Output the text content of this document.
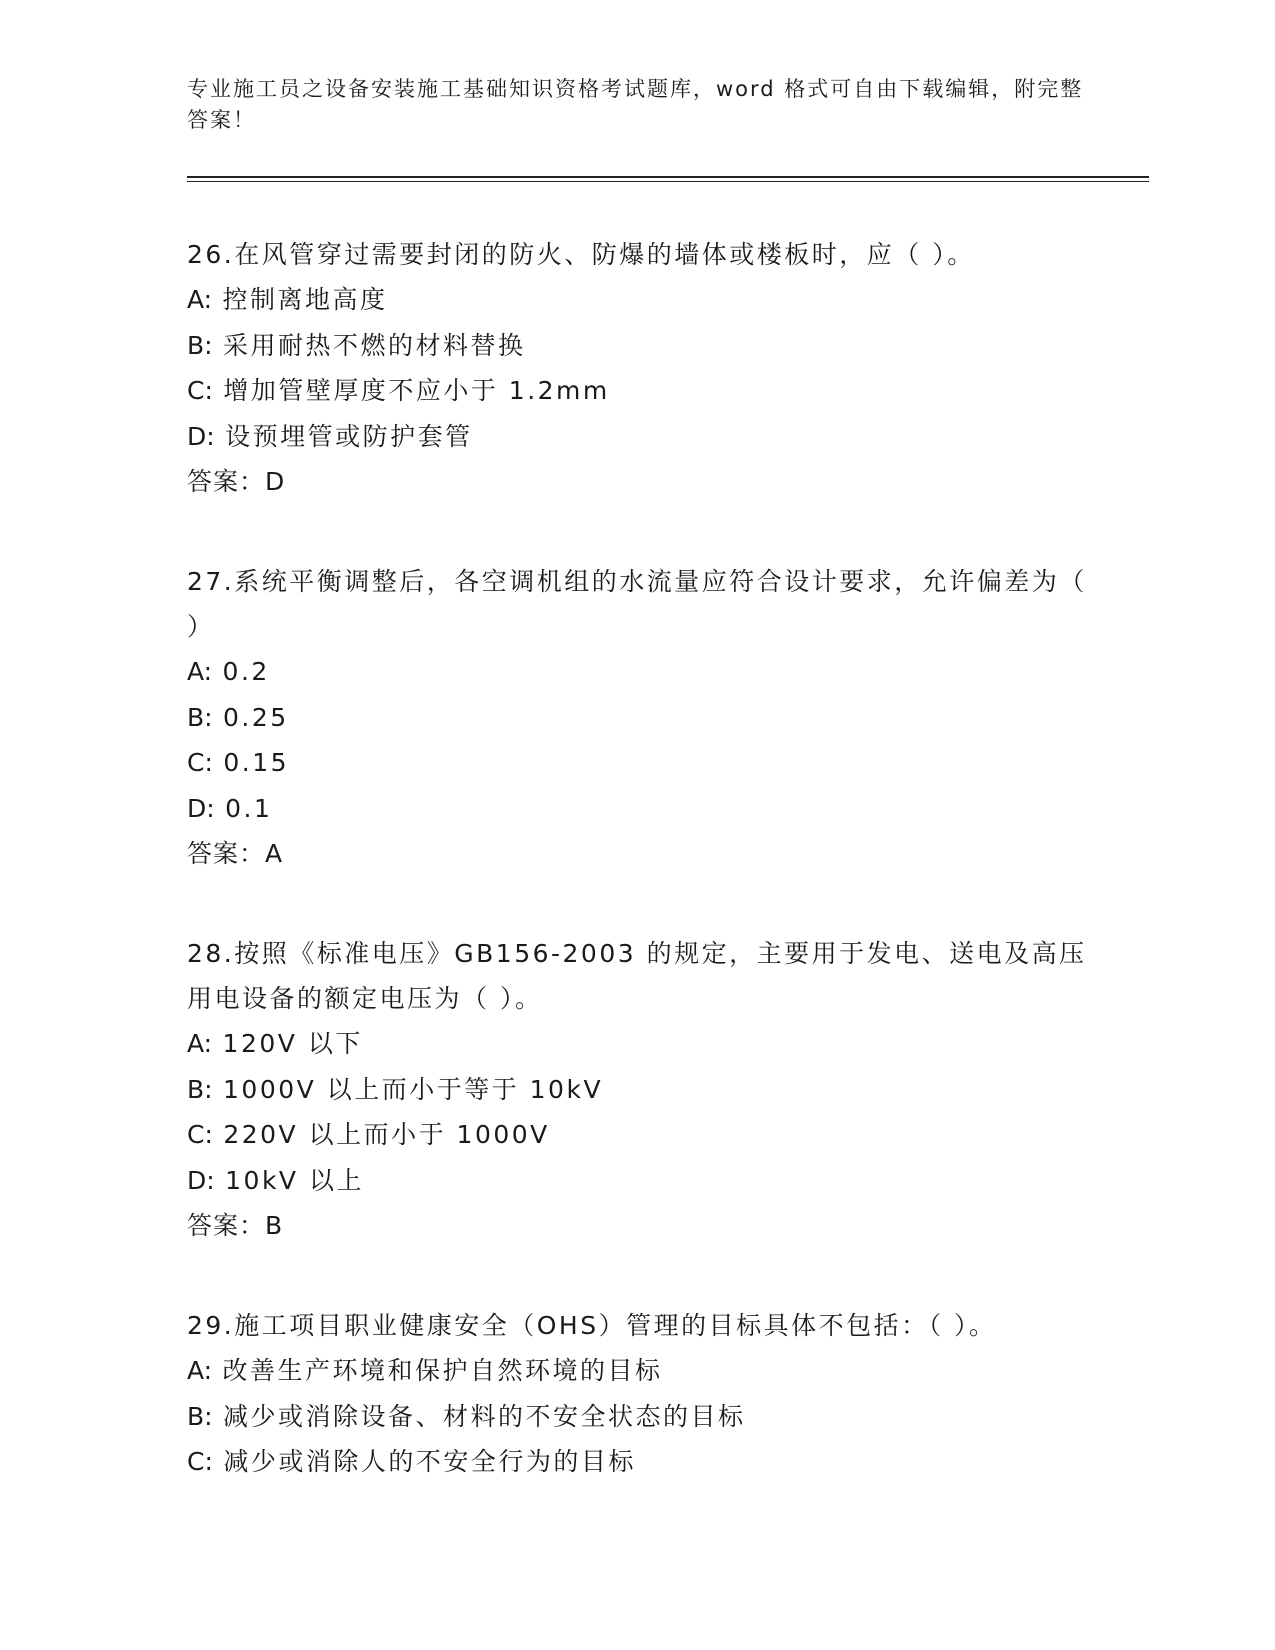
专业施工员之设备安装施工基础知识资格考试题库，word 格式可自由下载编辑，附完整答案！
26.在风管穿过需要封闭的防火、防爆的墙体或楼板时，应（ ）。
A: 控制离地高度
B: 采用耐热不燃的材料替换
C: 增加管壁厚度不应小于 1.2mm
D: 设预埋管或防护套管
答案：D
27.系统平衡调整后，各空调机组的水流量应符合设计要求，允许偏差为（ ）
A: 0.2
B: 0.25
C: 0.15
D: 0.1
答案：A
28.按照《标准电压》GB156-2003 的规定，主要用于发电、送电及高压用电设备的额定电压为（ ）。
A: 120V 以下
B: 1000V 以上而小于等于 10kV
C: 220V 以上而小于 1000V
D: 10kV 以上
答案：B
29.施工项目职业健康安全（OHS）管理的目标具体不包括：（ ）。
A: 改善生产环境和保护自然环境的目标
B: 减少或消除设备、材料的不安全状态的目标
C: 减少或消除人的不安全行为的目标
